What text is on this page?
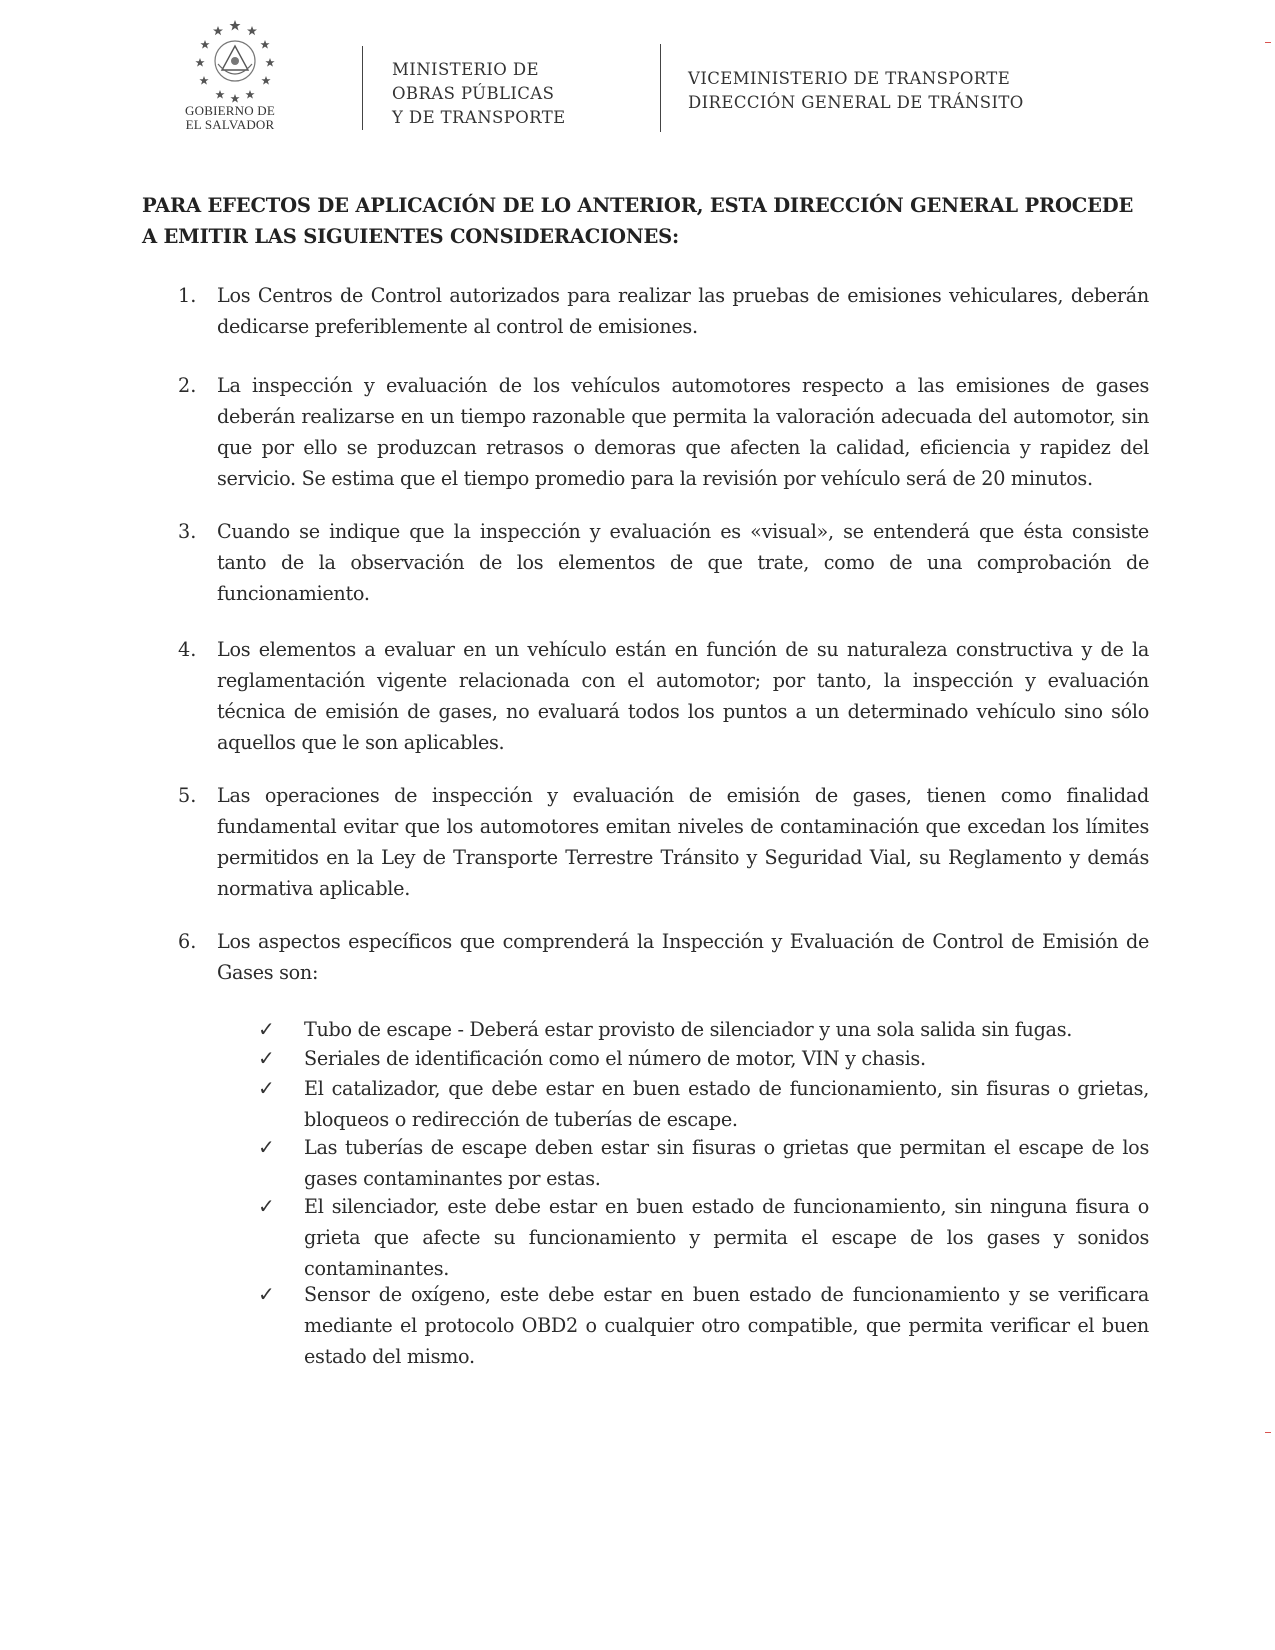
GOBIERNO DE
EL SALVADOR
MINISTERIO DE
OBRAS PÚBLICAS
Y DE TRANSPORTE
VICEMINISTERIO DE TRANSPORTE
DIRECCIÓN GENERAL DE TRÁNSITO
PARA EFECTOS DE APLICACIÓN DE LO ANTERIOR, ESTA DIRECCIÓN GENERAL PROCEDE A EMITIR LAS SIGUIENTES CONSIDERACIONES:
1. Los Centros de Control autorizados para realizar las pruebas de emisiones vehiculares, deberán dedicarse preferiblemente al control de emisiones.
2. La inspección y evaluación de los vehículos automotores respecto a las emisiones de gases deberán realizarse en un tiempo razonable que permita la valoración adecuada del automotor, sin que por ello se produzcan retrasos o demoras que afecten la calidad, eficiencia y rapidez del servicio. Se estima que el tiempo promedio para la revisión por vehículo será de 20 minutos.
3. Cuando se indique que la inspección y evaluación es «visual», se entenderá que ésta consiste tanto de la observación de los elementos de que trate, como de una comprobación de funcionamiento.
4. Los elementos a evaluar en un vehículo están en función de su naturaleza constructiva y de la reglamentación vigente relacionada con el automotor; por tanto, la inspección y evaluación técnica de emisión de gases, no evaluará todos los puntos a un determinado vehículo sino sólo aquellos que le son aplicables.
5. Las operaciones de inspección y evaluación de emisión de gases, tienen como finalidad fundamental evitar que los automotores emitan niveles de contaminación que excedan los límites permitidos en la Ley de Transporte Terrestre Tránsito y Seguridad Vial, su Reglamento y demás normativa aplicable.
6. Los aspectos específicos que comprenderá la Inspección y Evaluación de Control de Emisión de Gases son:
✓ Tubo de escape - Deberá estar provisto de silenciador y una sola salida sin fugas.
✓ Seriales de identificación como el número de motor, VIN y chasis.
✓ El catalizador, que debe estar en buen estado de funcionamiento, sin fisuras o grietas, bloqueos o redirección de tuberías de escape.
✓ Las tuberías de escape deben estar sin fisuras o grietas que permitan el escape de los gases contaminantes por estas.
✓ El silenciador, este debe estar en buen estado de funcionamiento, sin ninguna fisura o grieta que afecte su funcionamiento y permita el escape de los gases y sonidos contaminantes.
✓ Sensor de oxígeno, este debe estar en buen estado de funcionamiento y se verificara mediante el protocolo OBD2 o cualquier otro compatible, que permita verificar el buen estado del mismo.
